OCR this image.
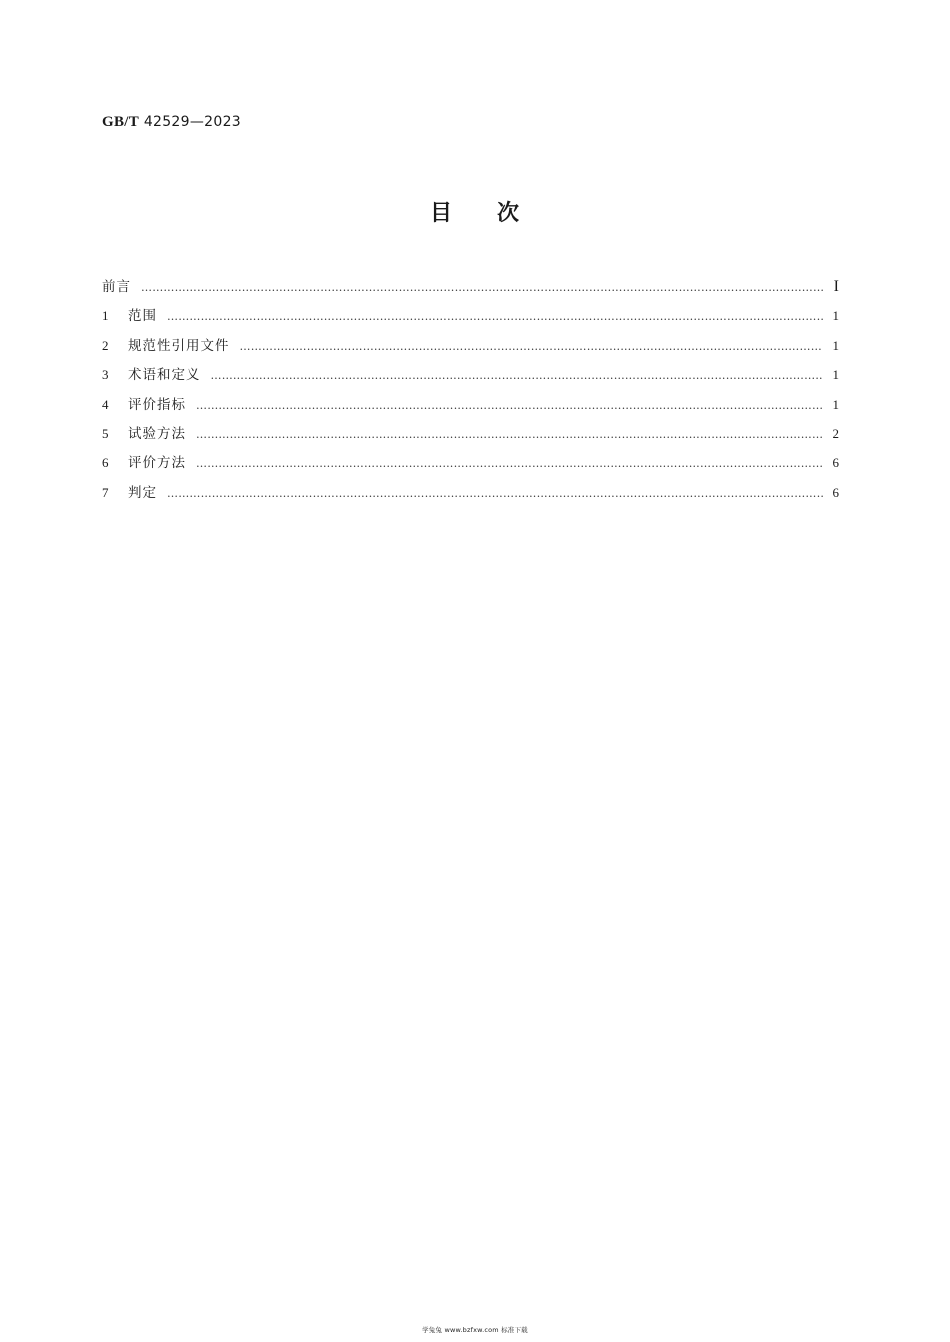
GB/T 42529—2023
目 次
前言 ……………………………………………………………………………………………………………………………………………………………………………………………………………………	I
1	范围 ……………………………………………………………………………………………………………………………………………………………………………………………………………………	1
2	规范性引用文件 ……………………………………………………………………………………………………………………………………………………………………………………………………………………	1
3	术语和定义 ……………………………………………………………………………………………………………………………………………………………………………………………………………………	1
4	评价指标 ……………………………………………………………………………………………………………………………………………………………………………………………………………………	1
5	试验方法 ……………………………………………………………………………………………………………………………………………………………………………………………………………………	2
6	评价方法 ……………………………………………………………………………………………………………………………………………………………………………………………………………………	6
7	判定 ……………………………………………………………………………………………………………………………………………………………………………………………………………………	6
学兔兔 www.bzfxw.com 标准下载
